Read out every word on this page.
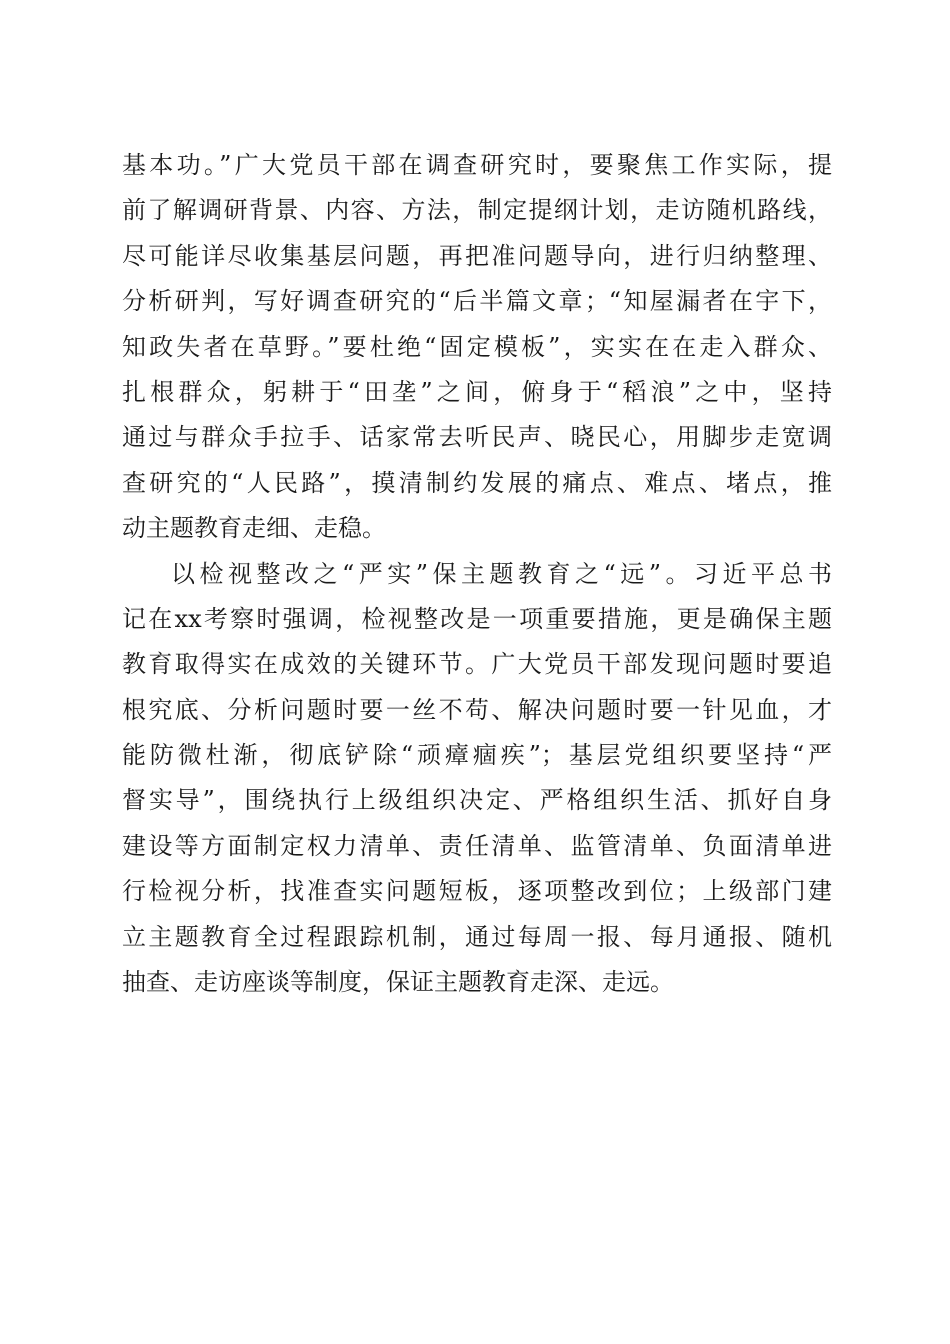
基本功。”广大党员干部在调查研究时，要聚焦工作实际，提
前了解调研背景、内容、方法，制定提纲计划，走访随机路线，
尽可能详尽收集基层问题，再把准问题导向，进行归纳整理、
分析研判，写好调查研究的“后半篇文章；“知屋漏者在宇下，
知政失者在草野。”要杜绝“固定模板”，实实在在走入群众、
扎根群众，躬耕于“田垄”之间，俯身于“稻浪”之中，坚持
通过与群众手拉手、话家常去听民声、晓民心，用脚步走宽调
查研究的“人民路”，摸清制约发展的痛点、难点、堵点，推
动主题教育走细、走稳。
以检视整改之“严实”保主题教育之“远”。习近平总书
记在xx考察时强调，检视整改是一项重要措施，更是确保主题
教育取得实在成效的关键环节。广大党员干部发现问题时要追
根究底、分析问题时要一丝不苟、解决问题时要一针见血，才
能防微杜渐，彻底铲除“顽瘴痼疾”；基层党组织要坚持“严
督实导”，围绕执行上级组织决定、严格组织生活、抓好自身
建设等方面制定权力清单、责任清单、监管清单、负面清单进
行检视分析，找准查实问题短板，逐项整改到位；上级部门建
立主题教育全过程跟踪机制，通过每周一报、每月通报、随机
抽查、走访座谈等制度，保证主题教育走深、走远。
